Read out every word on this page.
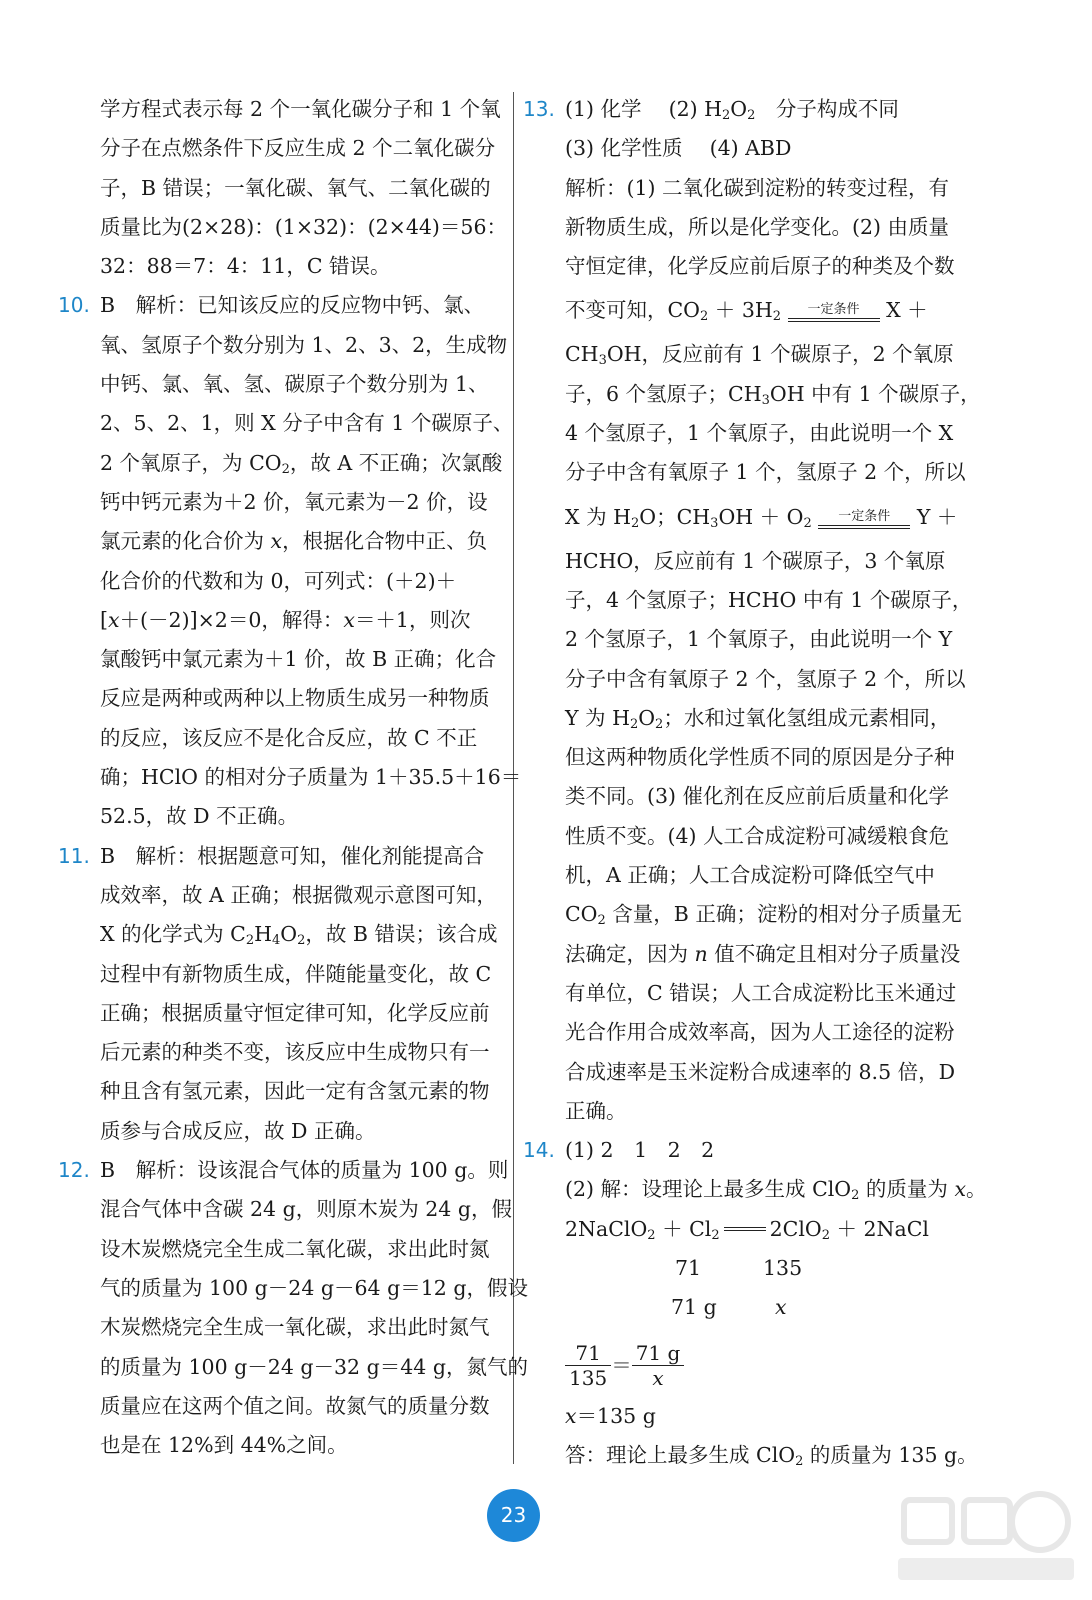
学方程式表示每 2 个一氧化碳分子和 1 个氧
分子在点燃条件下反应生成 2 个二氧化碳分
子，B 错误；一氧化碳、氧气、二氧化碳的
质量比为(2×28)：(1×32)：(2×44)＝56：
32：88＝7：4：11，C 错误。
10. B　解析：已知该反应的反应物中钙、氯、
氧、氢原子个数分别为 1、2、3、2，生成物
中钙、氯、氧、氢、碳原子个数分别为 1、
2、5、2、1，则 X 分子中含有 1 个碳原子、
2 个氧原子，为 $CO_2$，故 A 不正确；次氯酸
钙中钙元素为＋2 价，氧元素为－2 价，设
氯元素的化合价为 x，根据化合物中正、负
化合价的代数和为 0，可列式：(＋2)＋
[x＋(－2)]×2＝0，解得：x＝＋1，则次
氯酸钙中氯元素为＋1 价，故 B 正确；化合
反应是两种或两种以上物质生成另一种物质
的反应，该反应不是化合反应，故 C 不正
确；HClO 的相对分子质量为 1＋35.5＋16＝
52.5，故 D 不正确。
11. B　解析：根据题意可知，催化剂能提高合
成效率，故 A 正确；根据微观示意图可知，
X 的化学式为 $C_2H_4O_2$，故 B 错误；该合成
过程中有新物质生成，伴随能量变化，故 C
正确；根据质量守恒定律可知，化学反应前
后元素的种类不变，该反应中生成物只有一
种且含有氢元素，因此一定有含氢元素的物
质参与合成反应，故 D 正确。
12. B　解析：设该混合气体的质量为 100 g。则
混合气体中含碳 24 g，则原木炭为 24 g，假
设木炭燃烧完全生成二氧化碳，求出此时氮
气的质量为 100 g－24 g－64 g＝12 g，假设
木炭燃烧完全生成一氧化碳，求出此时氮气
的质量为 100 g－24 g－32 g＝44 g，氮气的
质量应在这两个值之间。故氮气的质量分数
也是在 12%到 44%之间。
13. (1) 化学　 (2) $H_2O_2$　分子构成不同
(3) 化学性质　 (4) ABD
解析：(1) 二氧化碳到淀粉的转变过程，有
新物质生成，所以是化学变化。(2) 由质量
守恒定律，化学反应前后原子的种类及个数
不变可知，$CO_2 + 3H_2$	一定条件 X ＋
$CH_3OH$，反应前有 1 个碳原子，2 个氧原
子，6 个氢原子；$CH_3OH$ 中有 1 个碳原子，
4 个氢原子，1 个氧原子，由此说明一个 X
分子中含有氧原子 1 个，氢原子 2 个，所以
X 为 $H_2O$；$CH_3OH + O_2$	一定条件 Y ＋
HCHO，反应前有 1 个碳原子，3 个氧原
子，4 个氢原子；HCHO 中有 1 个碳原子，
2 个氢原子，1 个氧原子，由此说明一个 Y
分子中含有氧原子 2 个，氢原子 2 个，所以
Y 为 $H_2O_2$；水和过氧化氢组成元素相同，
但这两种物质化学性质不同的原因是分子种
类不同。(3) 催化剂在反应前后质量和化学
性质不变。(4) 人工合成淀粉可减缓粮食危
机，A 正确；人工合成淀粉可降低空气中
$CO_2$ 含量，B 正确；淀粉的相对分子质量无
法确定，因为 n 值不确定且相对分子质量没
有单位，C 错误；人工合成淀粉比玉米通过
光合作用合成效率高，因为人工途径的淀粉
合成速率是玉米淀粉合成速率的 8.5 倍，D
正确。
14. (1) 2　1　2　2
(2) 解：设理论上最多生成 ClO$_2$ 的质量为 x。
2NaClO$_2$ ＋ $Cl_2$ 2ClO$_2$ ＋ 2NaCl
71	135
71 g	x
$\frac{71}{135} = \frac{71 g}{x}$
x＝135 g
答：理论上最多生成 ClO$_2$ 的质量为 135 g。
23
